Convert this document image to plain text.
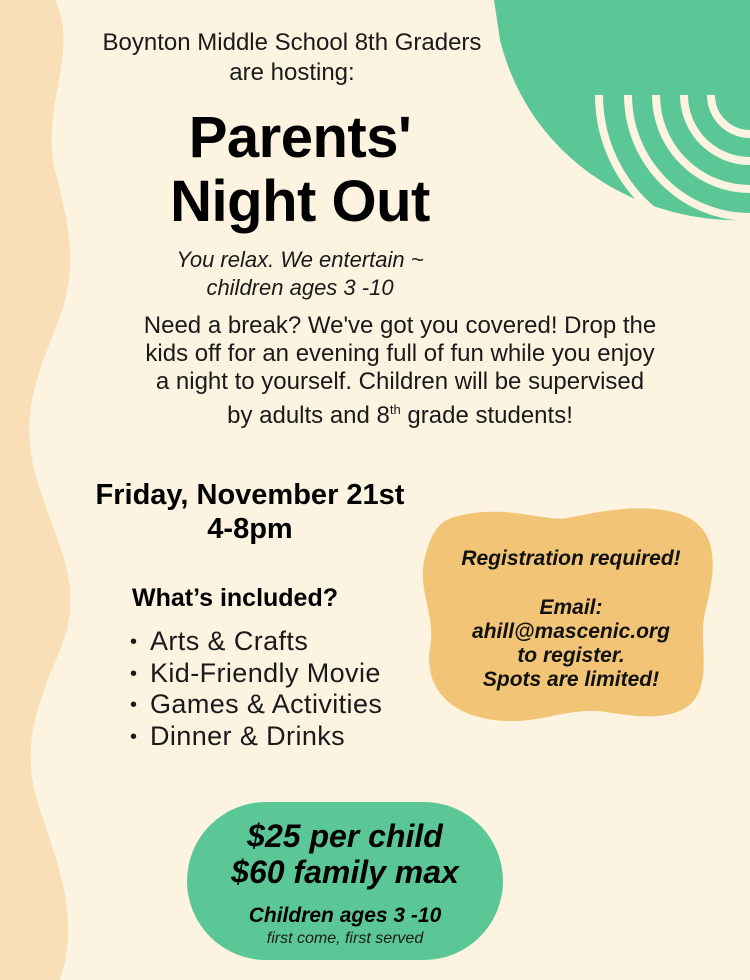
Boynton Middle School 8th Graders
are hosting:
Parents'
Night Out
You relax. We entertain ~
children ages 3 -10
Need a break? We've got you covered! Drop the
kids off for an evening full of fun while you enjoy
a night to yourself. Children will be supervised
by adults and 8th grade students!
Friday, November 21st
4-8pm
What’s included?
• Arts & Crafts
• Kid-Friendly Movie
• Games & Activities
• Dinner & Drinks
Registration required!
Email:
ahill@mascenic.org
to register.
Spots are limited!
$25 per child
$60 family max
Children ages 3 -10
first come, first served
